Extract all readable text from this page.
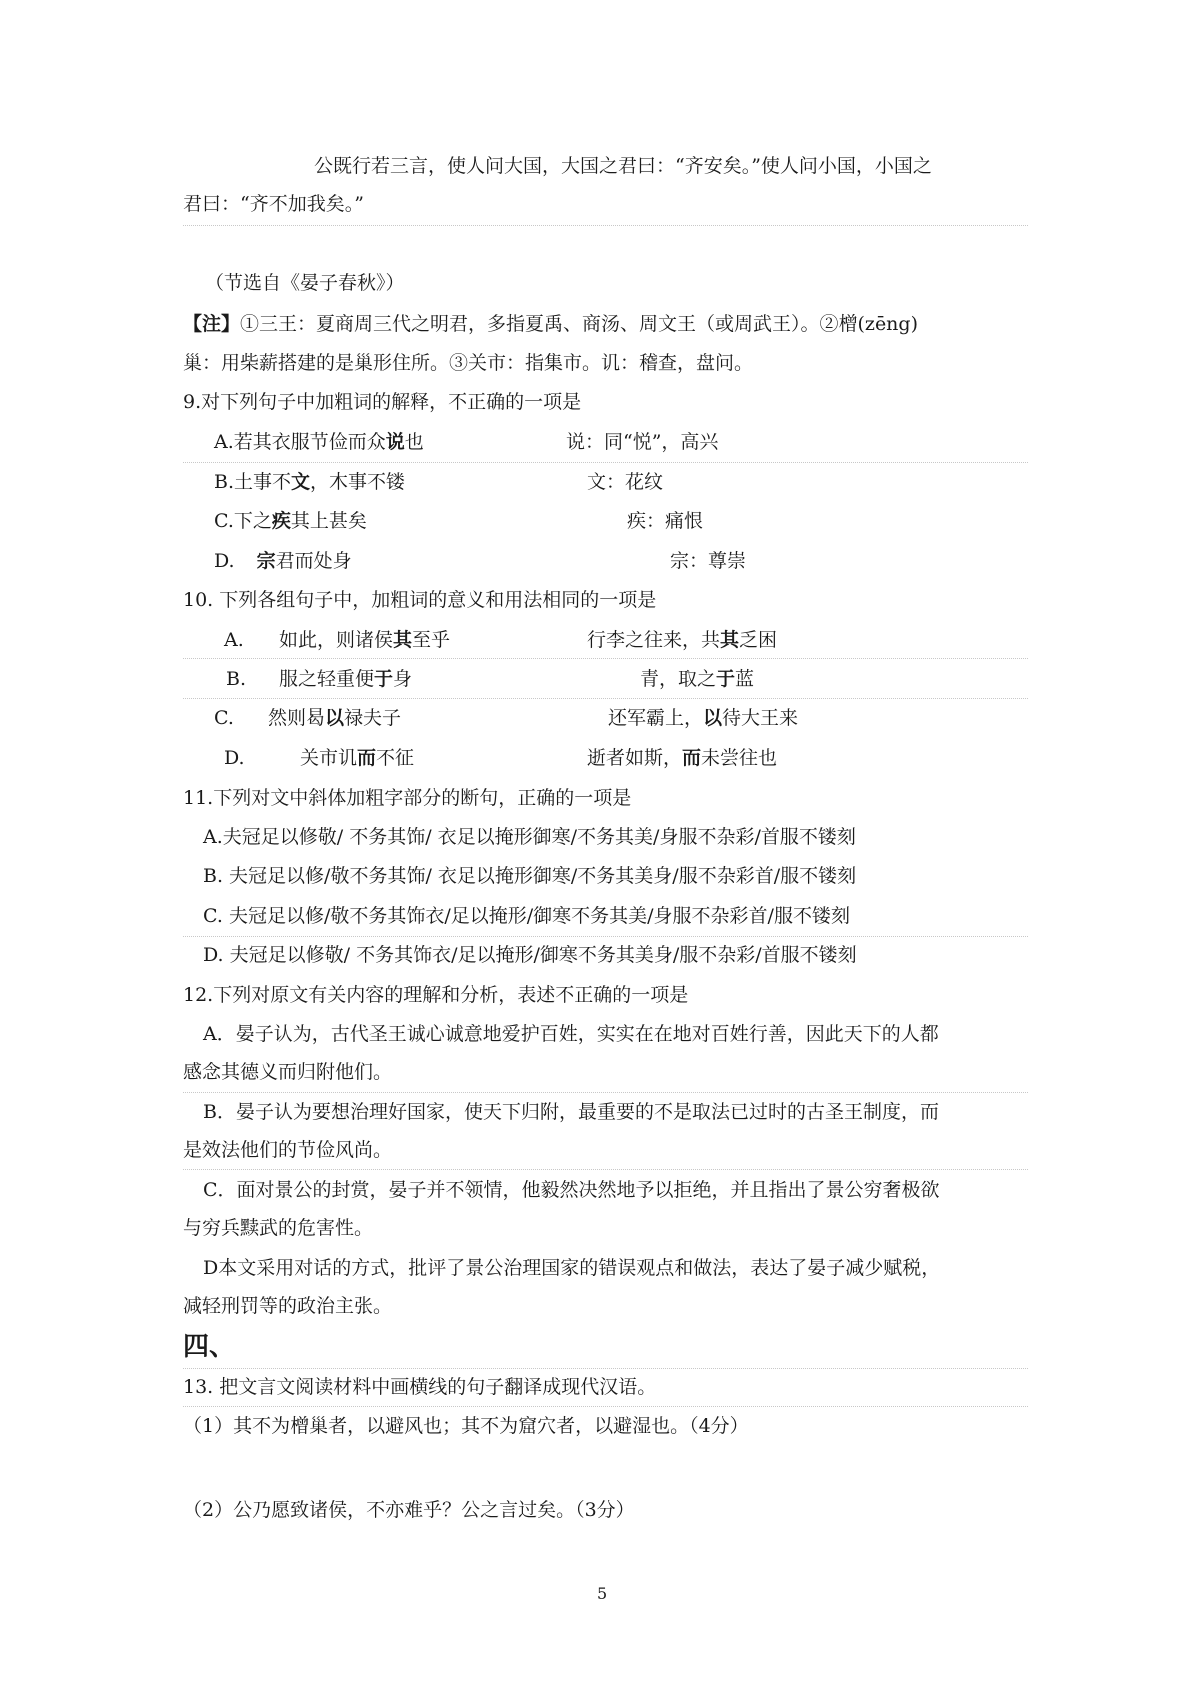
公既行若三言，使人问大国，大国之君曰：“齐安矣。”使人问小国，小国之
君曰：“齐不加我矣。”
（节选自《晏子春秋》）
【注】①三王：夏商周三代之明君，多指夏禹、商汤、周文王（或周武王）。②橧(zēng)
巢：用柴薪搭建的是巢形住所。③关市：指集市。讥：稽查，盘问。
9.对下列句子中加粗词的解释，不正确的一项是
A.若其衣服节俭而众说也	说：同“悦”，高兴
B.土事不文，木事不镂	文：花纹
C.下之疾其上甚矣	疾：痛恨
D. 宗君而处身	宗：尊崇
10. 下列各组句子中，加粗词的意义和用法相同的一项是
A. 如此，则诸侯其至乎	行李之往来，共其乏困
B. 服之轻重便于身	青，取之于蓝
C. 然则曷以禄夫子	还军霸上，以待大王来
D.	关市讥而不征	逝者如斯，而未尝往也
11.下列对文中斜体加粗字部分的断句，正确的一项是
A.夫冠足以修敬/ 不务其饰/ 衣足以掩形御寒/不务其美/身服不杂彩/首服不镂刻
B. 夫冠足以修/敬不务其饰/ 衣足以掩形御寒/不务其美身/服不杂彩首/服不镂刻
C. 夫冠足以修/敬不务其饰衣/足以掩形/御寒不务其美/身服不杂彩首/服不镂刻
D. 夫冠足以修敬/ 不务其饰衣/足以掩形/御寒不务其美身/服不杂彩/首服不镂刻
12.下列对原文有关内容的理解和分析，表述不正确的一项是
A．晏子认为，古代圣王诚心诚意地爱护百姓，实实在在地对百姓行善，因此天下的人都
感念其德义而归附他们。
B．晏子认为要想治理好国家，使天下归附，最重要的不是取法已过时的古圣王制度，而
是效法他们的节俭风尚。
C．面对景公的封赏，晏子并不领情，他毅然决然地予以拒绝，并且指出了景公穷奢极欲
与穷兵黩武的危害性。
D本文采用对话的方式，批评了景公治理国家的错误观点和做法，表达了晏子减少赋税，
减轻刑罚等的政治主张。
四、
13. 把文言文阅读材料中画横线的句子翻译成现代汉语。
（1）其不为橧巢者，以避风也；其不为窟穴者，以避湿也。（4分）
（2）公乃愿致诸侯，不亦难乎？公之言过矣。（3分）
5
